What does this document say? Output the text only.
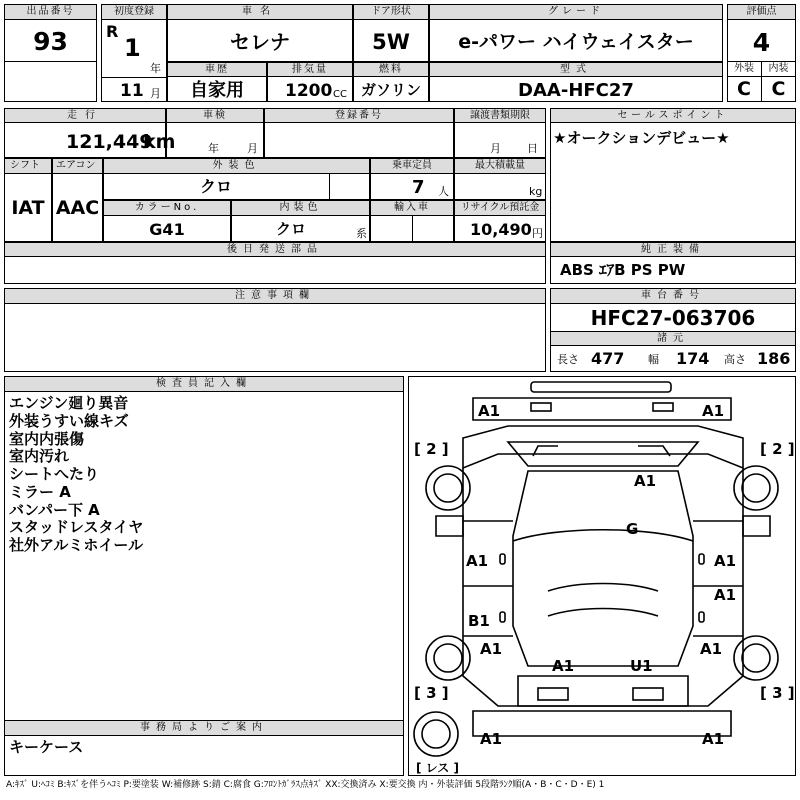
出品番号
93
初度登録
R
1
年
11 月
車名
セレナ
ドア形状
5W
グレード
e-パワー ハイウェイスター
車歴
自家用
排気量
1200 CC
燃料
ガソリン
型式
DAA-HFC27
評価点
4
外装	内装
C	C
走行
121,449
km
車検
年	月
登録番号	譲渡書類期限
月 日
セールスポイント
★オークションデビュー★
シフト
IAT
エアコン
AAC
外装色
クロ
乗車定員
7 人
最大積載量
kg
カラーNo.
G41
内装色
クロ	系
輸入車	リサイクル預託金
10,490 円
後日発送部品	純正装備
ABS ｴｱB PS PW
注意事項欄	車台番号
HFC27-063706
諸元
長さ 477 幅 174 高さ 186
検査員記入欄
エンジン廻り異音
外装うすい線キズ
室内内張傷
室内汚れ
シートへたり
ミラー A
バンパー下 A
スタッドレスタイヤ
社外アルミホイール
事務局よりご案内
キーケース
A1	A1
[ 2 ]	[ 2 ]
A1
G
A1	A1
A1
B1
A1	A1
A1	U1
[ 3 ]	[ 3 ]
A1	A1
[ レス ]
A:ｷｽﾞ U:ﾍｺﾐ B:ｷｽﾞを伴うﾍｺﾐ P:要塗装 W:補修跡 S:錆 C:腐食 G:ﾌﾛﾝﾄｶﾞﾗｽ点ｷｽﾞ XX:交換済み X:要交換 内・外装評価 5段階ﾗﾝｸ順(A・B・C・D・E) 1
